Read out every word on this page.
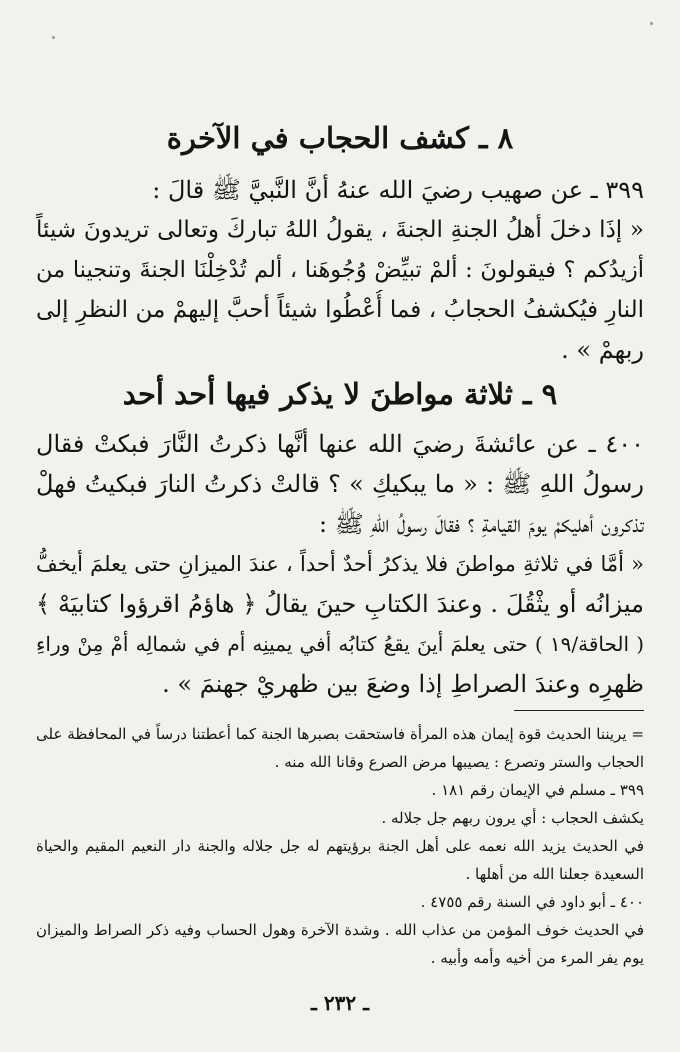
٨ ـ كشف الحجاب في الآخرة
٣٩٩ ـ عن صهيب رضيَ الله عنهُ أنَّ النَّبيَّ ﷺ قالَ :
« إذَا دخلَ أهلُ الجنةِ الجنةَ ، يقولُ اللهُ تباركَ وتعالى تريدونَ شيئاً
أزيدُكم ؟ فيقولونَ : ألمْ تبيِّضْ وُجُوهَنا ، ألم تُدْخِلْنَا الجنةَ وتنجينا من
النارِ فيُكشفُ الحجابُ ، فما أُعْطُوا شيئاً أحبَّ إليهمْ من النظرِ إلى
ربهمْ » .
٩ ـ ثلاثة مواطنَ لا يذكر فيها أحد أحد
٤٠٠ ـ عن عائشةَ رضيَ الله عنها أنَّها ذكرتُ النَّارَ فبكتْ فقال
رسولُ اللهِ ﷺ : « ما يبكيكِ » ؟ قالتْ ذكرتُ النارَ فبكيتُ فهلْ
تذكرون أهليكمْ يومَ القيامةِ ؟ فقالَ رسولُ اللهِ ﷺ :
« أمَّا في ثلاثةِ مواطنَ فلا يذكرُ أحدٌ أحداً ، عندَ الميزانِ حتى يعلمَ أيخفُّ
ميزانُه أو يثْقُلَ . وعندَ الكتابِ حينَ يقالُ ﴿ هاؤمُ اقرؤوا كتابيَهْ ﴾
( الحاقة/١٩ ) حتى يعلمَ أينَ يقعُ كتابُه أفي يمينِه أم في شمالِه أمْ مِنْ وراءِ
ظهرِه وعندَ الصراطِ إذا وضعَ بين ظهريْ جهنمَ » .
= يريننا الحديث قوة إيمان هذه المرأة فاستحقت بصبرها الجنة كما أعطتنا درساً في المحافظة على
الحجاب والستر وتصرع : يصيبها مرض الصرع وقانا الله منه .
٣٩٩ ـ مسلم في الإيمان رقم ١٨١ .
يكشف الحجاب : أي يرون ربهم جل جلاله .
في الحديث يزيد الله نعمه على أهل الجنة برؤيتهم له جل جلاله والجنة دار النعيم المقيم والحياة
السعيدة جعلنا الله من أهلها .
٤٠٠ ـ أبو داود في السنة رقم ٤٧٥٥ .
في الحديث خوف المؤمن من عذاب الله . وشدة الآخرة وهول الحساب وفيه ذكر الصراط والميزان
يوم يفر المرء من أخيه وأمه وأبيه .
ـ ٢٣٢ ـ
